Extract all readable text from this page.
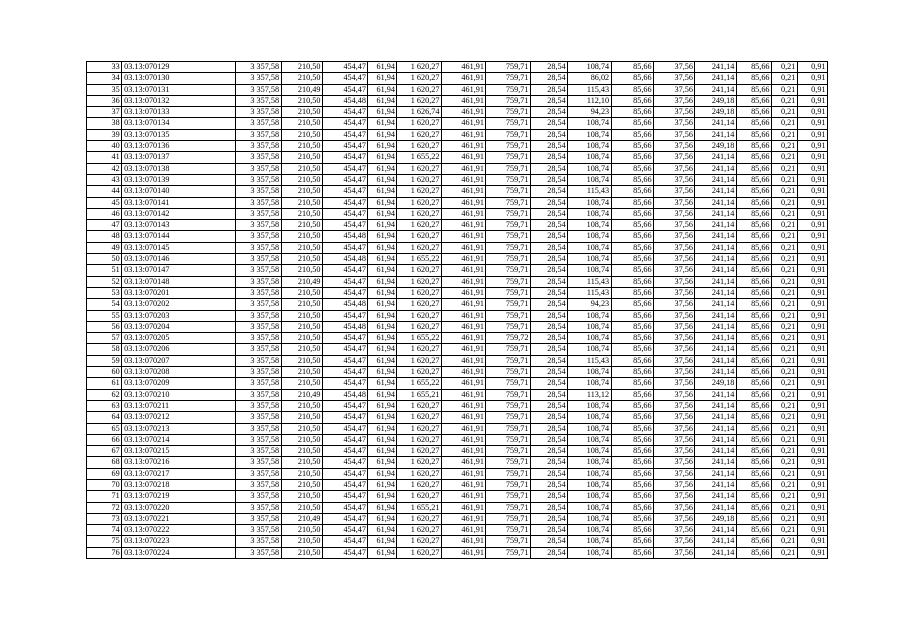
33	03.13:070129	3 357,58	210,50	454,47	61,94	1 620,27	461,91	759,71	28,54	108,74	85,66	37,56	241,14	85,66	0,21	0,91
34	03.13:070130	3 357,58	210,50	454,47	61,94	1 620,27	461,91	759,71	28,54	86,02	85,66	37,56	241,14	85,66	0,21	0,91
35	03.13:070131	3 357,58	210,49	454,47	61,94	1 620,27	461,91	759,71	28,54	115,43	85,66	37,56	241,14	85,66	0,21	0,91
36	03.13:070132	3 357,58	210,50	454,48	61,94	1 620,27	461,91	759,71	28,54	112,10	85,66	37,56	249,18	85,66	0,21	0,91
37	03.13:070133	3 357,58	210,50	454,47	61,94	1 626,74	461,91	759,71	28,54	94,23	85,66	37,56	249,18	85,66	0,21	0,91
38	03.13:070134	3 357,58	210,50	454,47	61,94	1 620,27	461,91	759,71	28,54	108,74	85,66	37,56	241,14	85,66	0,21	0,91
39	03.13:070135	3 357,58	210,50	454,47	61,94	1 620,27	461,91	759,71	28,54	108,74	85,66	37,56	241,14	85,66	0,21	0,91
40	03.13:070136	3 357,58	210,50	454,47	61,94	1 620,27	461,91	759,71	28,54	108,74	85,66	37,56	249,18	85,66	0,21	0,91
41	03.13:070137	3 357,58	210,50	454,47	61,94	1 655,22	461,91	759,71	28,54	108,74	85,66	37,56	241,14	85,66	0,21	0,91
42	03.13:070138	3 357,58	210,50	454,47	61,94	1 620,27	461,91	759,71	28,54	108,74	85,66	37,56	241,14	85,66	0,21	0,91
43	03.13:070139	3 357,58	210,50	454,47	61,94	1 620,27	461,91	759,71	28,54	108,74	85,66	37,56	241,14	85,66	0,21	0,91
44	03.13:070140	3 357,58	210,50	454,47	61,94	1 620,27	461,91	759,71	28,54	115,43	85,66	37,56	241,14	85,66	0,21	0,91
45	03.13:070141	3 357,58	210,50	454,47	61,94	1 620,27	461,91	759,71	28,54	108,74	85,66	37,56	241,14	85,66	0,21	0,91
46	03.13:070142	3 357,58	210,50	454,47	61,94	1 620,27	461,91	759,71	28,54	108,74	85,66	37,56	241,14	85,66	0,21	0,91
47	03.13:070143	3 357,58	210,50	454,47	61,94	1 620,27	461,91	759,71	28,54	108,74	85,66	37,56	241,14	85,66	0,21	0,91
48	03.13:070144	3 357,58	210,50	454,48	61,94	1 620,27	461,91	759,71	28,54	108,74	85,66	37,56	241,14	85,66	0,21	0,91
49	03.13:070145	3 357,58	210,50	454,47	61,94	1 620,27	461,91	759,71	28,54	108,74	85,66	37,56	241,14	85,66	0,21	0,91
50	03.13:070146	3 357,58	210,50	454,48	61,94	1 655,22	461,91	759,71	28,54	108,74	85,66	37,56	241,14	85,66	0,21	0,91
51	03.13:070147	3 357,58	210,50	454,47	61,94	1 620,27	461,91	759,71	28,54	108,74	85,66	37,56	241,14	85,66	0,21	0,91
52	03.13:070148	3 357,58	210,49	454,47	61,94	1 620,27	461,91	759,71	28,54	115,43	85,66	37,56	241,14	85,66	0,21	0,91
53	03.13:070201	3 357,58	210,50	454,47	61,94	1 620,27	461,91	759,71	28,54	115,43	85,66	37,56	241,14	85,66	0,21	0,91
54	03.13:070202	3 357,58	210,50	454,48	61,94	1 620,27	461,91	759,71	28,54	94,23	85,66	37,56	241,14	85,66	0,21	0,91
55	03.13:070203	3 357,58	210,50	454,47	61,94	1 620,27	461,91	759,71	28,54	108,74	85,66	37,56	241,14	85,66	0,21	0,91
56	03.13:070204	3 357,58	210,50	454,48	61,94	1 620,27	461,91	759,71	28,54	108,74	85,66	37,56	241,14	85,66	0,21	0,91
57	03.13:070205	3 357,58	210,50	454,47	61,94	1 655,22	461,91	759,72	28,54	108,74	85,66	37,56	241,14	85,66	0,21	0,91
58	03.13:070206	3 357,58	210,50	454,47	61,94	1 620,27	461,91	759,71	28,54	108,74	85,66	37,56	241,14	85,66	0,21	0,91
59	03.13:070207	3 357,58	210,50	454,47	61,94	1 620,27	461,91	759,71	28,54	115,43	85,66	37,56	241,14	85,66	0,21	0,91
60	03.13:070208	3 357,58	210,50	454,47	61,94	1 620,27	461,91	759,71	28,54	108,74	85,66	37,56	241,14	85,66	0,21	0,91
61	03.13:070209	3 357,58	210,50	454,47	61,94	1 655,22	461,91	759,71	28,54	108,74	85,66	37,56	249,18	85,66	0,21	0,91
62	03.13:070210	3 357,58	210,49	454,48	61,94	1 655,21	461,91	759,71	28,54	113,12	85,66	37,56	241,14	85,66	0,21	0,91
63	03.13:070211	3 357,58	210,50	454,47	61,94	1 620,27	461,91	759,71	28,54	108,74	85,66	37,56	241,14	85,66	0,21	0,91
64	03.13:070212	3 357,58	210,50	454,47	61,94	1 620,27	461,91	759,71	28,54	108,74	85,66	37,56	241,14	85,66	0,21	0,91
65	03.13:070213	3 357,58	210,50	454,47	61,94	1 620,27	461,91	759,71	28,54	108,74	85,66	37,56	241,14	85,66	0,21	0,91
66	03.13:070214	3 357,58	210,50	454,47	61,94	1 620,27	461,91	759,71	28,54	108,74	85,66	37,56	241,14	85,66	0,21	0,91
67	03.13:070215	3 357,58	210,50	454,47	61,94	1 620,27	461,91	759,71	28,54	108,74	85,66	37,56	241,14	85,66	0,21	0,91
68	03.13:070216	3 357,58	210,50	454,47	61,94	1 620,27	461,91	759,71	28,54	108,74	85,66	37,56	241,14	85,66	0,21	0,91
69	03.13:070217	3 357,58	210,50	454,47	61,94	1 620,27	461,91	759,71	28,54	108,74	85,66	37,56	241,14	85,66	0,21	0,91
70	03.13:070218	3 357,58	210,50	454,47	61,94	1 620,27	461,91	759,71	28,54	108,74	85,66	37,56	241,14	85,66	0,21	0,91
71	03.13:070219	3 357,58	210,50	454,47	61,94	1 620,27	461,91	759,71	28,54	108,74	85,66	37,56	241,14	85,66	0,21	0,91
72	03.13:070220	3 357,58	210,50	454,47	61,94	1 655,21	461,91	759,71	28,54	108,74	85,66	37,56	241,14	85,66	0,21	0,91
73	03.13:070221	3 357,58	210,49	454,47	61,94	1 620,27	461,91	759,71	28,54	108,74	85,66	37,56	249,18	85,66	0,21	0,91
74	03.13:070222	3 357,58	210,50	454,47	61,94	1 620,27	461,91	759,71	28,54	108,74	85,66	37,56	241,14	85,66	0,21	0,91
75	03.13:070223	3 357,58	210,50	454,47	61,94	1 620,27	461,91	759,71	28,54	108,74	85,66	37,56	241,14	85,66	0,21	0,91
76	03.13:070224	3 357,58	210,50	454,47	61,94	1 620,27	461,91	759,71	28,54	108,74	85,66	37,56	241,14	85,66	0,21	0,91
